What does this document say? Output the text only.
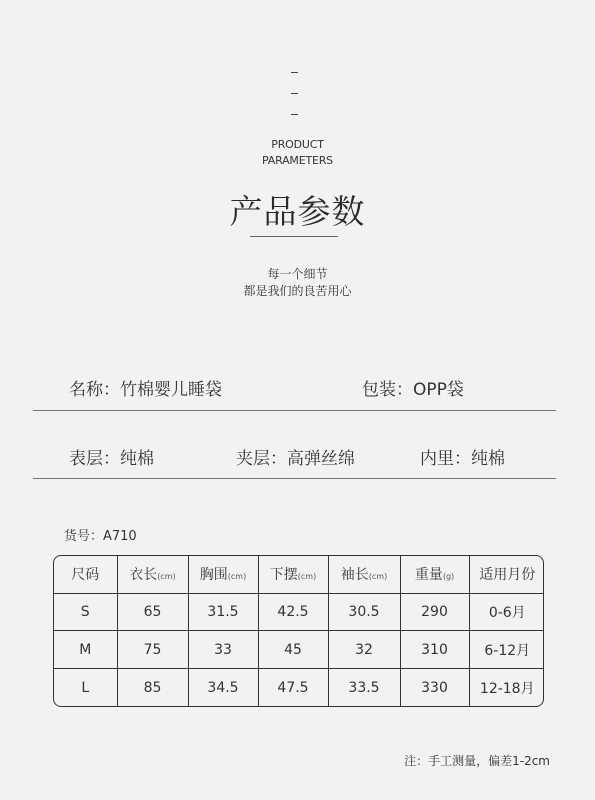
PRODUCT
PARAMETERS
产品参数
每一个细节
都是我们的良苦用心
名称：竹棉婴儿睡袋	包装：OPP袋
表层：纯棉	夹层：高弹丝绵	内里：纯棉
货号：A710
尺码	衣长(cm)	胸围(cm)	下摆(cm)	袖长(cm)	重量(g)	适用月份
S	65	31.5	42.5	30.5	290	0-6月
M	75	33	45	32	310	6-12月
L	85	34.5	47.5	33.5	330	12-18月
注：手工测量，偏差1-2cm
